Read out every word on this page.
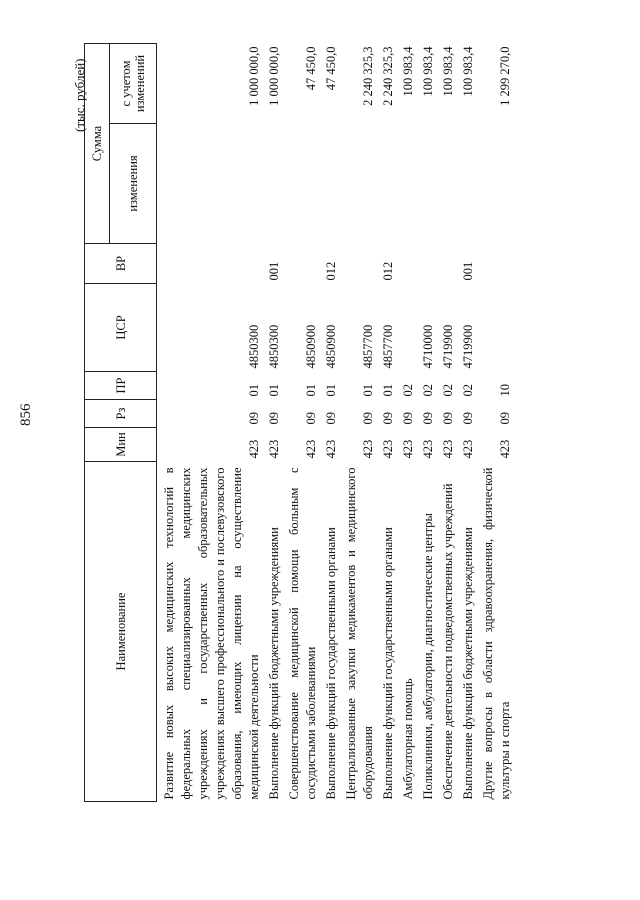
856
(тыс. рублей)
Наименование	Мин	Рз	ПР	ЦСР	ВР	Сумма	
						изменения	с учетом изменений
Развитие новых высоких медицинских технологий в федеральных специализированных медицинских учреждениях и государственных образовательных учреждениях высшего профессионального и послевузовского образования, имеющих лицензии на осуществление медицинской деятельности	423	09	01	4850300			1 000 000,0
Выполнение функций бюджетными учреждениями	423	09	01	4850300	001		1 000 000,0
Совершенствование медицинской помощи больным с сосудистыми заболеваниями	423	09	01	4850900			47 450,0
Выполнение функций государственными органами	423	09	01	4850900	012		47 450,0
Централизованные закупки медикаментов и медицинского оборудования	423	09	01	4857700			2 240 325,3
Выполнение функций государственными органами	423	09	01	4857700	012		2 240 325,3
Амбулаторная помощь	423	09	02				100 983,4
Поликлиники, амбулатории, диагностические центры	423	09	02	4710000			100 983,4
Обеспечение деятельности подведомственных учреждений	423	09	02	4719900			100 983,4
Выполнение функций бюджетными учреждениями	423	09	02	4719900	001		100 983,4
Другие вопросы в области здравоохранения, физической культуры и спорта	423	09	10				1 299 270,0
